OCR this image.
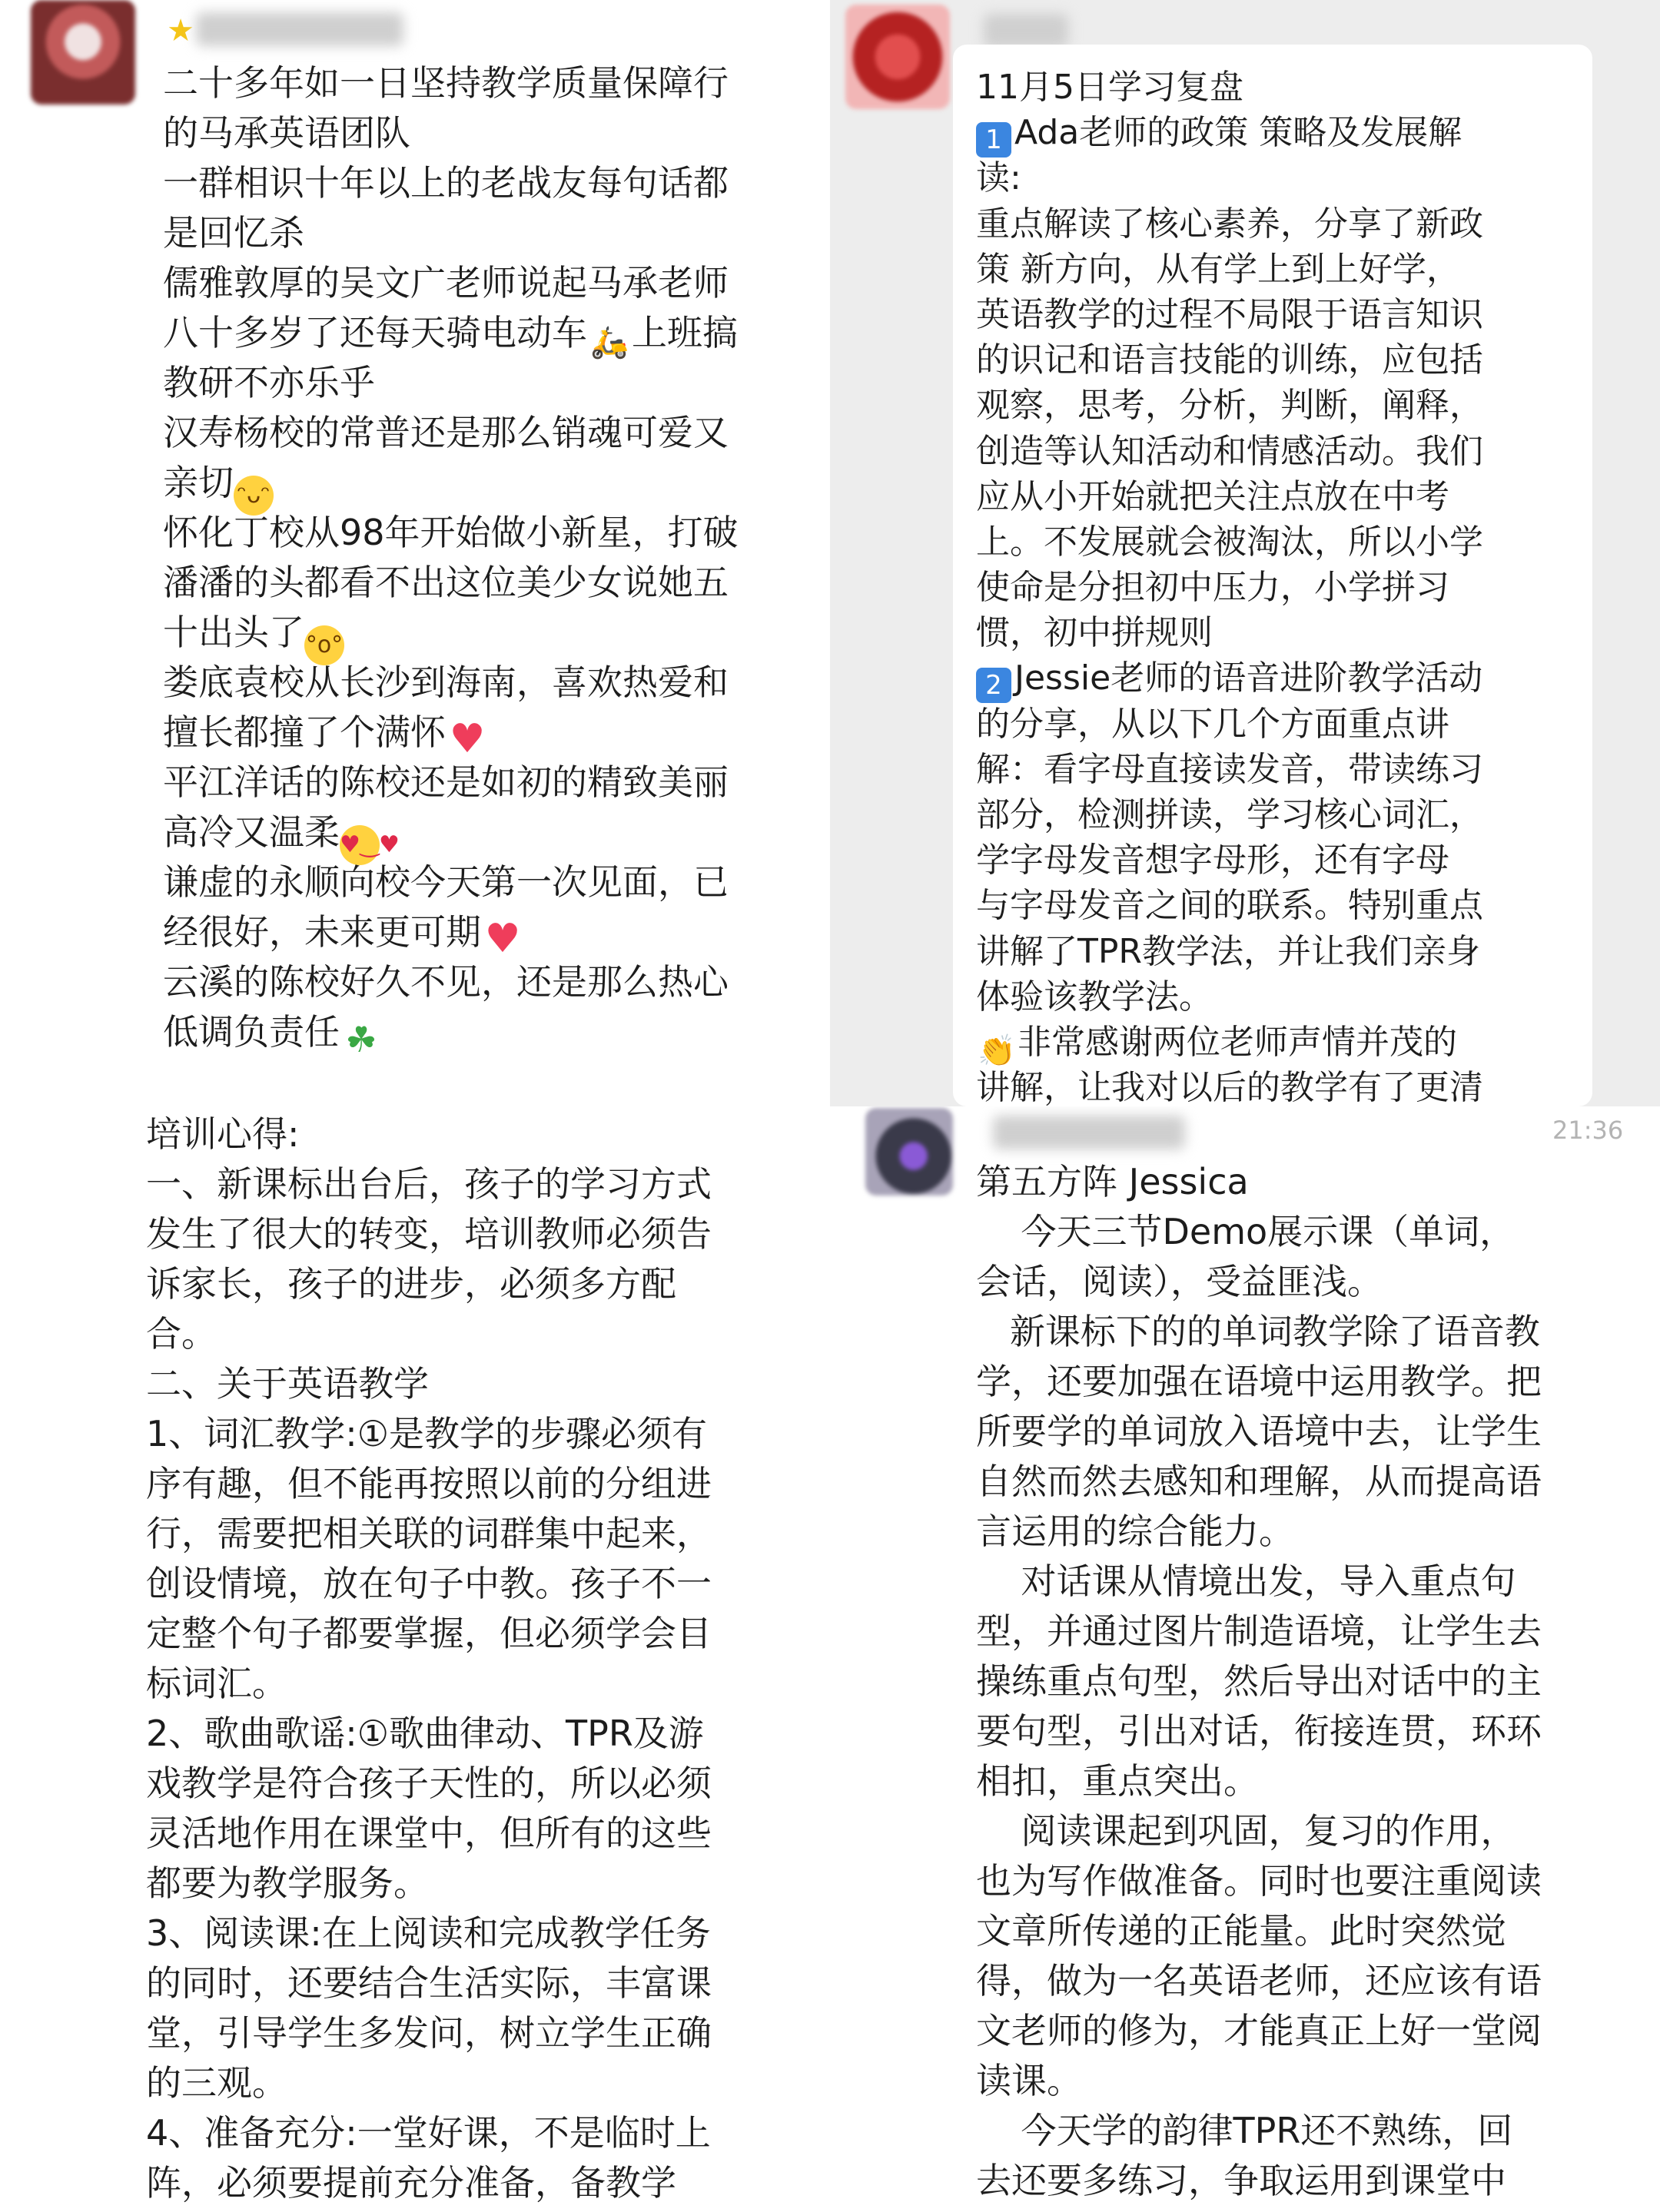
★
二十多年如一日坚持教学质量保障行
的马承英语团队
一群相识十年以上的老战友每句话都
是回忆杀
儒雅敦厚的吴文广老师说起马承老师
八十多岁了还每天骑电动车 🛵上班搞
教研不亦乐乎
汉寿杨校的常普还是那么销魂可爱又
亲切 ᵔᴗᵔ
怀化丁校从98年开始做小新星，打破
潘潘的头都看不出这位美少女说她五
十出头了°o°
娄底袁校从长沙到海南，喜欢热爱和
擅长都撞了个满怀♥
平江洋话的陈校还是如初的精致美丽
高冷又温柔♥‿♥
谦虚的永顺向校今天第一次见面，已
经很好，未来更可期♥
云溪的陈校好久不见，还是那么热心
低调负责任 ☘
11月5日学习复盘
1 Ada老师的政策 策略及发展解
读:
重点解读了核心素养，分享了新政
策 新方向，从有学上到上好学，
英语教学的过程不局限于语言知识
的识记和语言技能的训练，应包括
观察，思考，分析，判断，阐释，
创造等认知活动和情感活动。我们
应从小开始就把关注点放在中考
上。不发展就会被淘汰，所以小学
使命是分担初中压力，小学拼习
惯，初中拼规则
2 Jessie老师的语音进阶教学活动
的分享，从以下几个方面重点讲
解：看字母直接读发音，带读练习
部分，检测拼读，学习核心词汇，
学字母发音想字母形，还有字母
与字母发音之间的联系。特别重点
讲解了TPR教学法，并让我们亲身
体验该教学法。
👏非常感谢两位老师声情并茂的
讲解，让我对以后的教学有了更清
培训心得:
一、新课标出台后，孩子的学习方式
发生了很大的转变，培训教师必须告
诉家长，孩子的进步，必须多方配
合。
二、关于英语教学
1、词汇教学:①是教学的步骤必须有
序有趣，但不能再按照以前的分组进
行，需要把相关联的词群集中起来，
创设情境，放在句子中教。孩子不一
定整个句子都要掌握，但必须学会目
标词汇。
2、歌曲歌谣:①歌曲律动、TPR及游
戏教学是符合孩子天性的，所以必须
灵活地作用在课堂中，但所有的这些
都要为教学服务。
3、阅读课:在上阅读和完成教学任务
的同时，还要结合生活实际，丰富课
堂，引导学生多发问，树立学生正确
的三观。
4、准备充分:一堂好课，不是临时上
阵，必须要提前充分准备，备教学
21:36
第五方阵 Jessica
今天三节Demo展示课（单词，
会话，阅读），受益匪浅。
新课标下的的单词教学除了语音教
学，还要加强在语境中运用教学。把
所要学的单词放入语境中去，让学生
自然而然去感知和理解，从而提高语
言运用的综合能力。
对话课从情境出发，导入重点句
型，并通过图片制造语境，让学生去
操练重点句型，然后导出对话中的主
要句型，引出对话，衔接连贯，环环
相扣，重点突出。
阅读课起到巩固，复习的作用，
也为写作做准备。同时也要注重阅读
文章所传递的正能量。此时突然觉
得，做为一名英语老师，还应该有语
文老师的修为，才能真正上好一堂阅
读课。
今天学的韵律TPR还不熟练，回
去还要多练习，争取运用到课堂中
